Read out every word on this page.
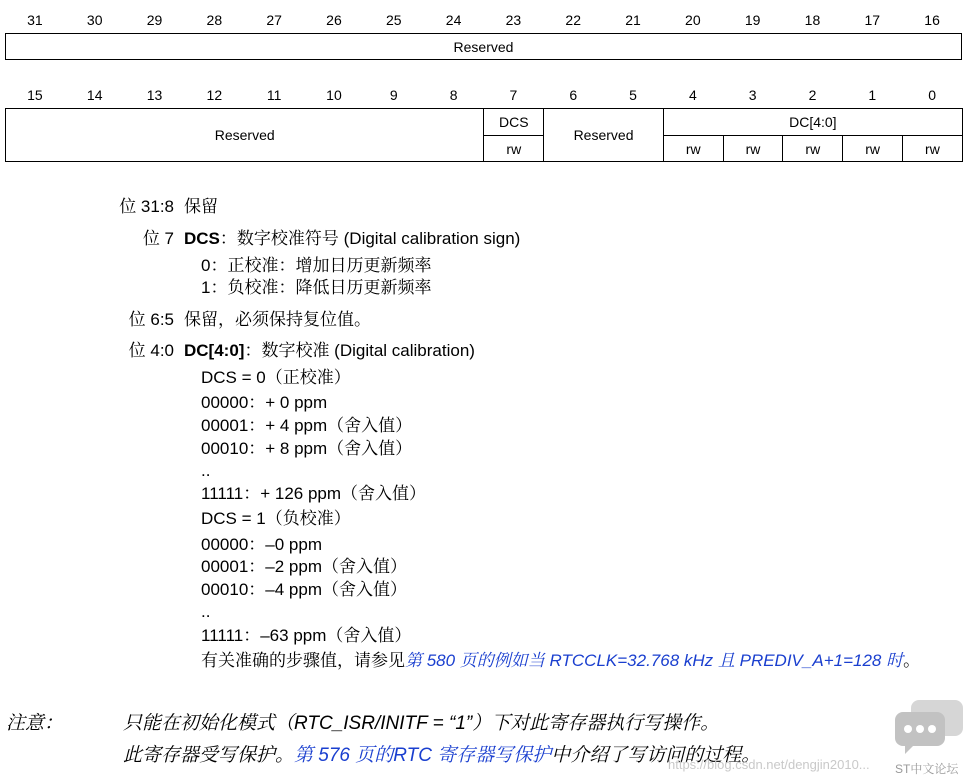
31	30	29	28	27	26	25	24	23	22	21	20	19	18	17	16
Reserved
15	14	13	12	11	10	9	8	7	6	5	4	3	2	1	0
Reserved	DCS	Reserved	DC[4:0]				
	rw		rw	rw	rw	rw	rw
位 31:8 保留
位 7 DCS：数字校准符号 (Digital calibration sign)
0：正校准：增加日历更新频率
1：负校准：降低日历更新频率
位 6:5 保留，必须保持复位值。
位 4:0 DC[4:0]：数字校准 (Digital calibration)
DCS = 0（正校准）
00000：+ 0 ppm
00001：+ 4 ppm（舍入值）
00010：+ 8 ppm（舍入值）
..
11111：+ 126 ppm（舍入值）
DCS = 1（负校准）
00000：–0 ppm
00001：–2 ppm（舍入值）
00010：–4 ppm（舍入值）
..
11111：–63 ppm（舍入值）
有关准确的步骤值，请参见第 580 页的例如当 RTCCLK=32.768 kHz 且 PREDIV_A+1=128 时。
注意：	只能在初始化模式（RTC_ISR/INITF = “1”）下对此寄存器执行写操作。
此寄存器受写保护。第 576 页的RTC 寄存器写保护中介绍了写访问的过程。
https://blog.csdn.net/dengjin2010... ST中文论坛
